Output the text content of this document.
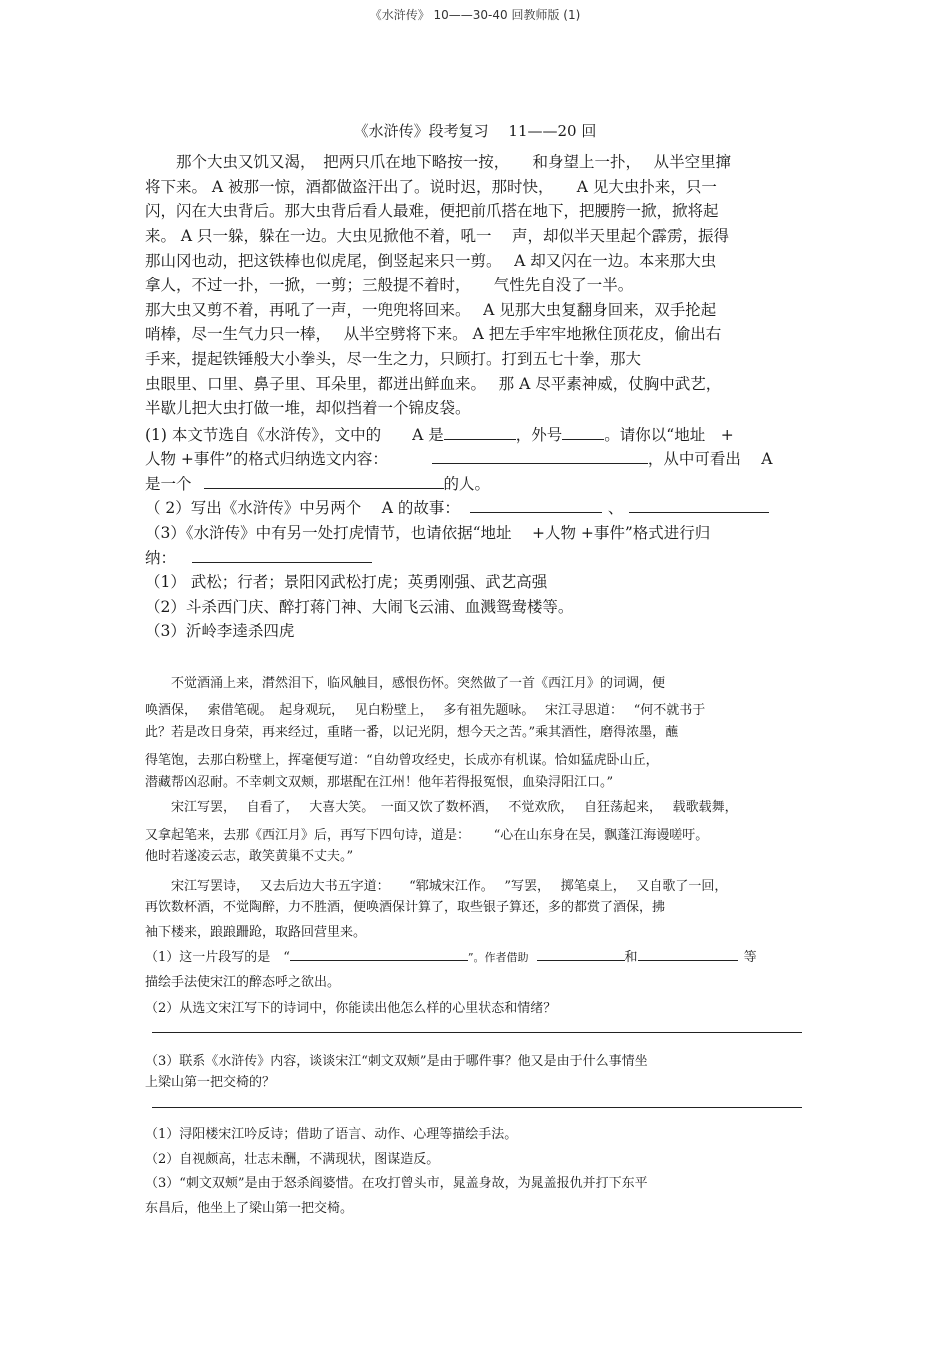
《水浒传》 10——30-40 回教师版 (1)
《水浒传》段考复习　 11——20 回
　　那个大虫又饥又渴，　把两只爪在地下略按一按，　　和身望上一扑，　 从半空里撺
将下来。 A 被那一惊，酒都做盗汗出了。说时迟，那时快，　　A 见大虫扑来，只一
闪，闪在大虫背后。那大虫背后看人最难，便把前爪搭在地下，把腰胯一掀，掀将起
来。 A 只一躲，躲在一边。大虫见掀他不着，吼一　 声，却似半天里起个霹雳，振得
那山冈也动，把这铁棒也似虎尾，倒竖起来只一剪。　 A 却又闪在一边。本来那大虫
拿人，不过一扑，一掀，一剪；三般提不着时，　　气性先自没了一半。
那大虫又剪不着，再吼了一声，一兜兜将回来。　 A 见那大虫复翻身回来，双手抡起
哨棒，尽一生气力只一棒，　 从半空劈将下来。 A 把左手牢牢地揪住顶花皮，偷出右
手来，提起铁锤般大小拳头，尽一生之力，只顾打。打到五七十拳，那大
虫眼里、口里、鼻子里、耳朵里，都迸出鲜血来。　 那 A 尽平素神威，仗胸中武艺，
半歇儿把大虫打做一堆，却似挡着一个锦皮袋。
(1) 本文节选自《水浒传》，文中的　　A 是	，外号	。请你以“地址　+
人物 +事件”的格式归纳选文内容：	，从中可看出　 A
是一个	的人。
（ 2）写出《水浒传》中另两个　 A 的故事：	、
（3）《水浒传》中有另一处打虎情节，也请依据“地址　 +人物 +事件”格式进行归
纳：
（1） 武松；行者；景阳冈武松打虎；英勇刚强、武艺高强
（2）斗杀西门庆、醉打蒋门神、大闹飞云浦、血溅鸳鸯楼等。
（3）沂岭李逵杀四虎
　　不觉酒涌上来，潸然泪下，临风触目，感恨伤怀。突然做了一首《西江月》的词调，便
唤酒保，　 索借笔砚。　起身观玩，　 见白粉壁上，　 多有祖先题咏。　 宋江寻思道：　 “何不就书于
此？若是改日身荣，再来经过，重睹一番，以记光阴，想今天之苦。”乘其酒性，磨得浓墨，蘸
得笔饱，去那白粉壁上，挥毫便写道：“自幼曾攻经史，长成亦有机谋。恰如猛虎卧山丘，
潜藏帮凶忍耐。不幸刺文双颊，那堪配在江州！他年若得报冤恨，血染浔阳江口。”
　　宋江写罢，　 自看了，　 大喜大笑。　一面又饮了数杯酒，　 不觉欢欣，　 自狂荡起来，　 载歌载舞，
又拿起笔来，去那《西江月》后，再写下四句诗，道是：　　 “心在山东身在吴，飘蓬江海谩嗟吁。
他时若遂凌云志，敢笑黄巢不丈夫。”
　　宋江写罢诗，　 又去后边大书五字道：　　“郓城宋江作。　 ”写罢，　 掷笔桌上，　 又自歌了一回，
再饮数杯酒，不觉陶醉，力不胜酒，便唤酒保计算了，取些银子算还，多的都赏了酒保，拂
袖下楼来，踉踉跚跄，取路回营里来。
（1）这一片段写的是　“	”。作者借助	和	等
描绘手法使宋江的醉态呼之欲出。
（2）从选文宋江写下的诗词中，你能读出他怎么样的心里状态和情绪？
（3）联系《水浒传》内容，谈谈宋江“刺文双颊”是由于哪件事？他又是由于什么事情坐
上梁山第一把交椅的？
（1）浔阳楼宋江吟反诗；借助了语言、动作、心理等描绘手法。
（2）自视颇高，壮志未酬，不满现状，图谋造反。
（3）“刺文双颊”是由于怒杀阎婆惜。在攻打曾头市，晁盖身故，为晁盖报仇并打下东平
东昌后，他坐上了梁山第一把交椅。
